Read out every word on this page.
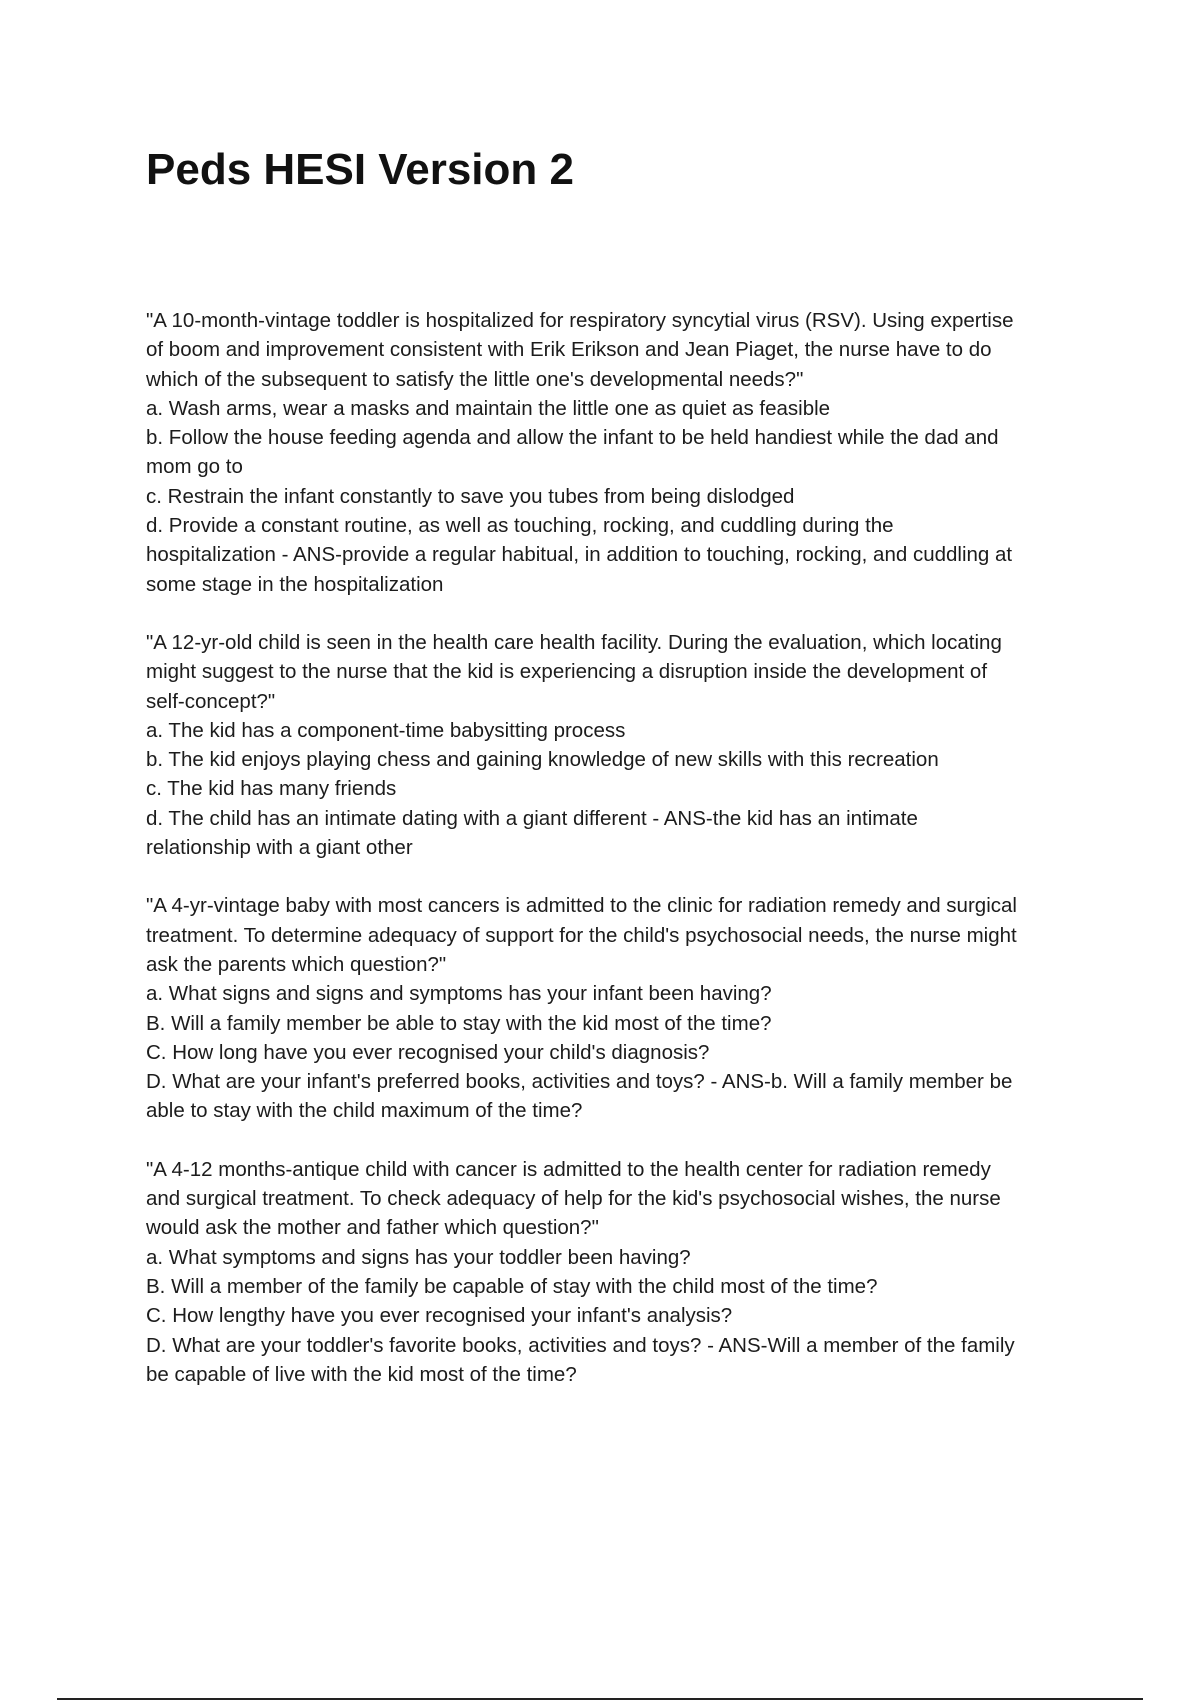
Peds HESI Version 2
"A 10-month-vintage toddler is hospitalized for respiratory syncytial virus (RSV). Using expertise
of boom and improvement consistent with Erik Erikson and Jean Piaget, the nurse have to do
which of the subsequent to satisfy the little one's developmental needs?"
a. Wash arms, wear a masks and maintain the little one as quiet as feasible
b. Follow the house feeding agenda and allow the infant to be held handiest while the dad and
mom go to
c. Restrain the infant constantly to save you tubes from being dislodged
d. Provide a constant routine, as well as touching, rocking, and cuddling during the
hospitalization - ANS-provide a regular habitual, in addition to touching, rocking, and cuddling at
some stage in the hospitalization
"A 12-yr-old child is seen in the health care health facility. During the evaluation, which locating
might suggest to the nurse that the kid is experiencing a disruption inside the development of
self-concept?"
a. The kid has a component-time babysitting process
b. The kid enjoys playing chess and gaining knowledge of new skills with this recreation
c. The kid has many friends
d. The child has an intimate dating with a giant different - ANS-the kid has an intimate
relationship with a giant other
"A 4-yr-vintage baby with most cancers is admitted to the clinic for radiation remedy and surgical
treatment. To determine adequacy of support for the child's psychosocial needs, the nurse might
ask the parents which question?"
a. What signs and signs and symptoms has your infant been having?
B. Will a family member be able to stay with the kid most of the time?
C. How long have you ever recognised your child's diagnosis?
D. What are your infant's preferred books, activities and toys? - ANS-b. Will a family member be
able to stay with the child maximum of the time?
"A 4-12 months-antique child with cancer is admitted to the health center for radiation remedy
and surgical treatment. To check adequacy of help for the kid's psychosocial wishes, the nurse
would ask the mother and father which question?"
a. What symptoms and signs has your toddler been having?
B. Will a member of the family be capable of stay with the child most of the time?
C. How lengthy have you ever recognised your infant's analysis?
D. What are your toddler's favorite books, activities and toys? - ANS-Will a member of the family
be capable of live with the kid most of the time?
